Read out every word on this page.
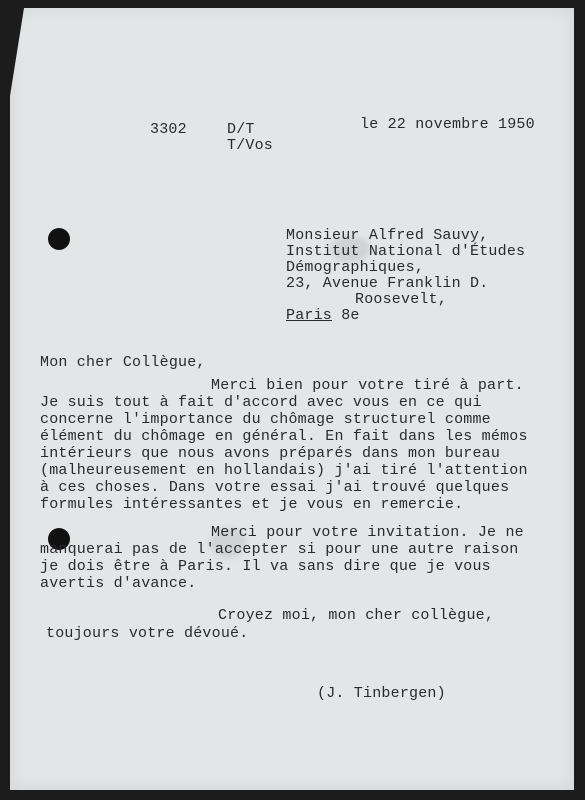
3302	D/T
T/Vos
le 22 novembre 1950
Monsieur Alfred Sauvy,
Institut National d'Études
Démographiques,
23, Avenue Franklin D.
Roosevelt,
Paris 8e
Mon cher Collègue,
Merci bien pour votre tiré à part.
Je suis tout à fait d'accord avec vous en ce qui
concerne l'importance du chômage structurel comme
élément du chômage en général. En fait dans les mémos
intérieurs que nous avons préparés dans mon bureau
(malheureusement en hollandais) j'ai tiré l'attention
à ces choses. Dans votre essai j'ai trouvé quelques
formules intéressantes et je vous en remercie.
Merci pour votre invitation. Je ne
manquerai pas de l'accepter si pour une autre raison
je dois être à Paris. Il va sans dire que je vous
avertis d'avance.
Croyez moi, mon cher collègue,
toujours votre dévoué.
(J. Tinbergen)
